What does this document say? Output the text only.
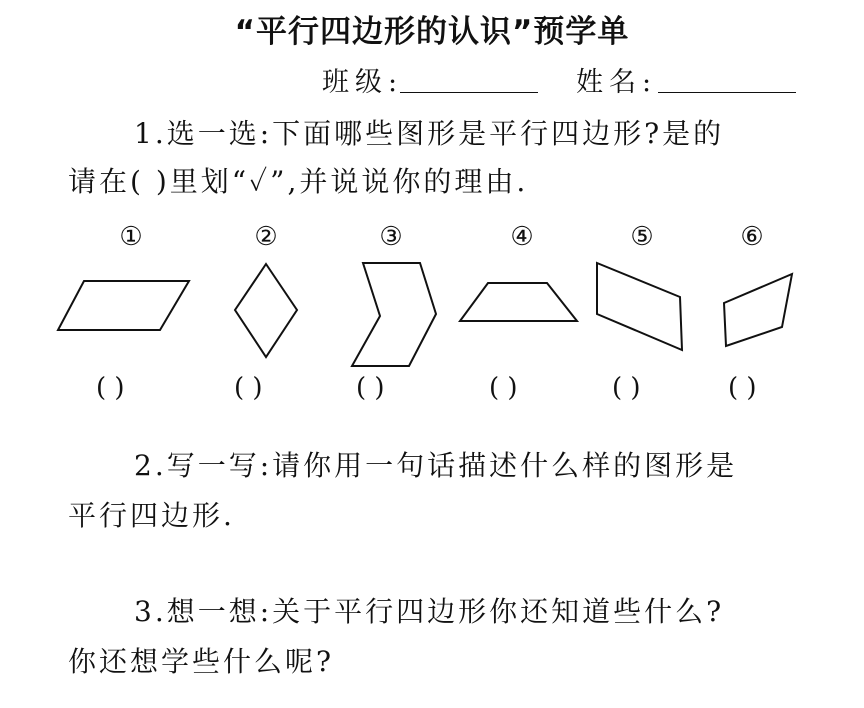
“平行四边形的认识”预学单
班级:	姓名:
1.选一选:下面哪些图形是平行四边形?是的
请在( )里划“✓”,并说说你的理由.
①	②	③	④	⑤	⑥
( )	( )	( )	( )	( )	( )
2.写一写:请你用一句话描述什么样的图形是
平行四边形.
3.想一想:关于平行四边形你还知道些什么?
你还想学些什么呢?
